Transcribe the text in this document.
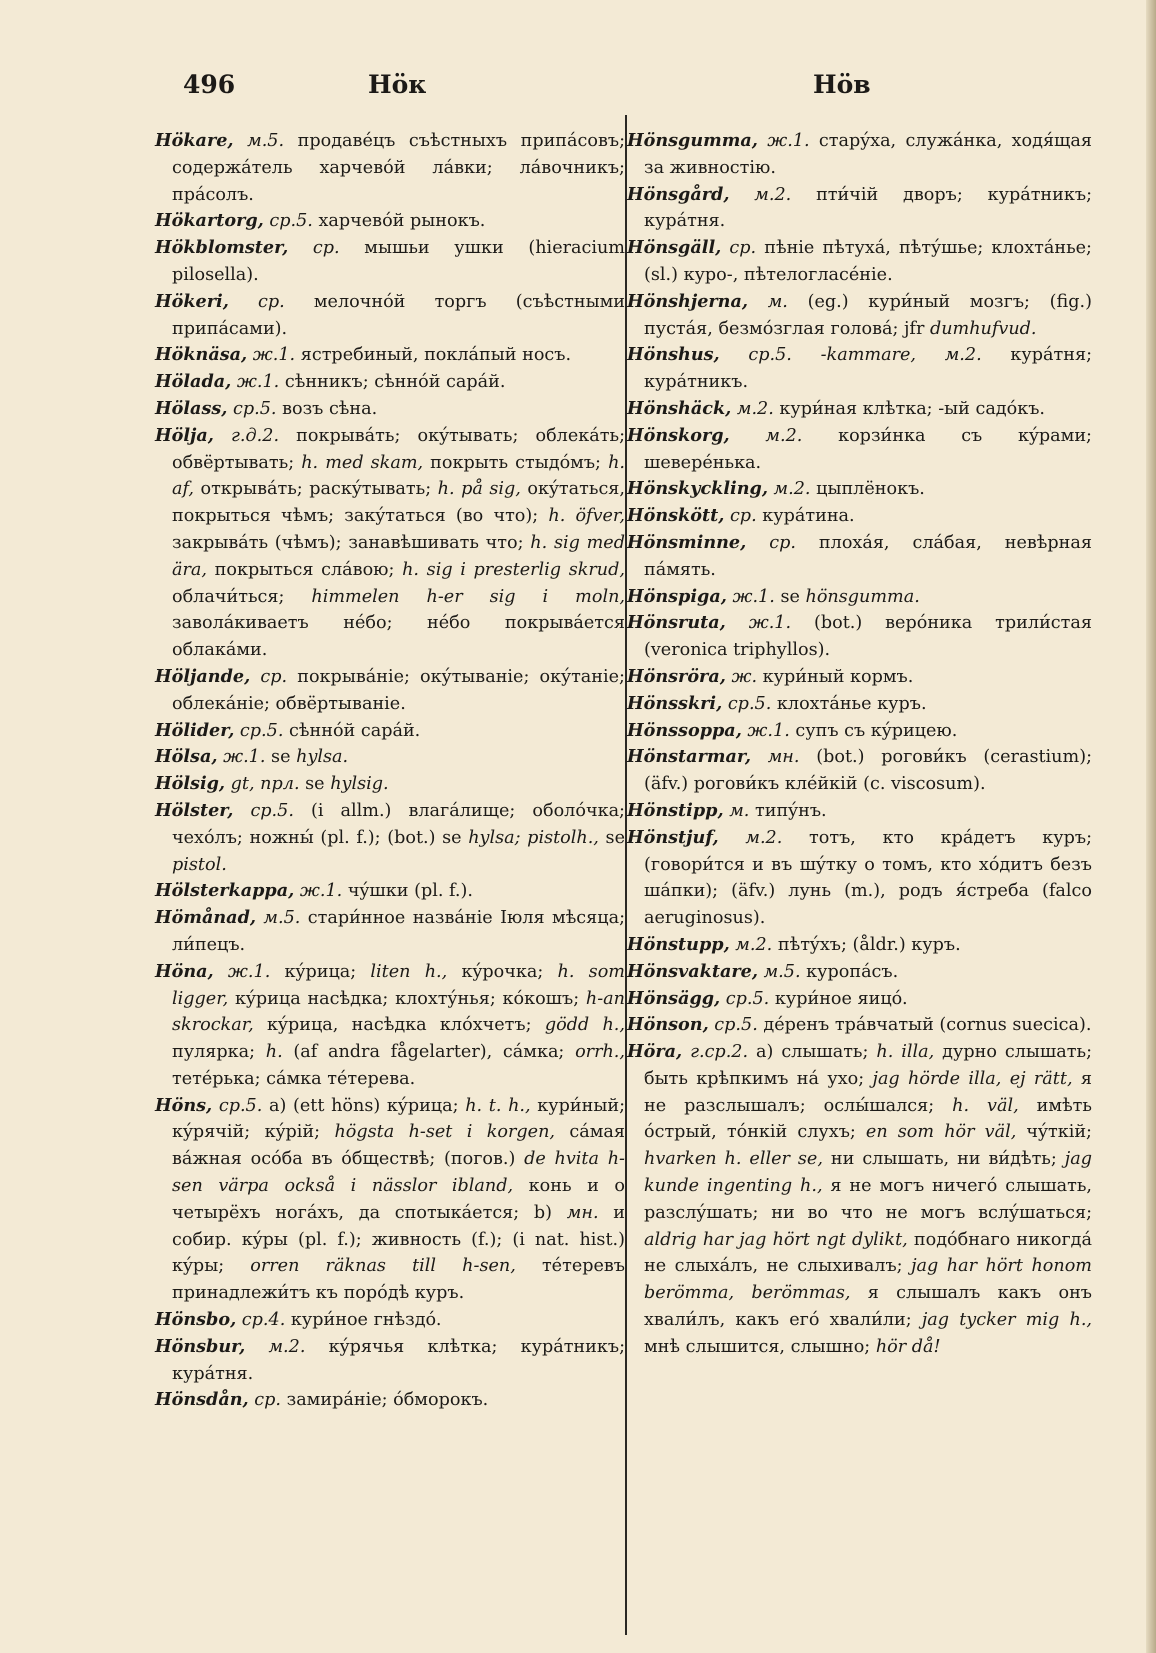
496	Нöк	Нöв
Hökare, м.5. продавéцъ съѣстныхъ припáсовъ; содержáтель харчевóй лáвки; лáвочникъ; прáсолъ.
Hökartorg, ср.5. харчевóй рынокъ.
Hökblomster, ср. мышьи ушки (hieracium pilosella).
Hökeri, ср. мелочнóй торгъ (съѣстными припáсами).
Höknäsa, ж.1. ястребиный, поклáпый носъ.
Hölada, ж.1. сѣнникъ; сѣннóй сарáй.
Hölass, ср.5. возъ сѣна.
Hölja, г.д.2. покрывáть; окýтывать; облекáть; обвёртывать; h. med skam, покрыть стыдóмъ; h. af, открывáть; раскýтывать; h. på sig, окýтаться, покрыться чѣмъ; закýтаться (во что); h. öfver, закрывáть (чѣмъ); занавѣшивать что; h. sig med ära, покрыться слáвою; h. sig i presterlig skrud, облачи́ться; himmelen h-er sig i moln, заволáкиваетъ нéбо; нéбо покрывáется облакáми.
Höljande, ср. покрывáніе; окýтываніе; окýтаніе; облекáніе; обвёртываніе.
Hölider, ср.5. сѣннóй сарáй.
Hölsa, ж.1. se hylsa.
Hölsig, gt, прл. se hylsig.
Hölster, ср.5. (i allm.) влагáлище; оболóчка; чехóлъ; ножны́ (pl. f.); (bot.) se hylsa; pistolh., se pistol.
Hölsterkappa, ж.1. чýшки (pl. f.).
Hömånad, м.5. стари́нное назвáніе Іюля мѣсяца; ли́пецъ.
Höna, ж.1. кýрица; liten h., кýрочка; h. som ligger, кýрица насѣдка; клохтýнья; кóкошъ; h-an skrockar, кýрица, насѣдка клóхчетъ; gödd h., пулярка; h. (af andra fågelarter), сáмка; orrh., тетéрька; сáмка тéтерева.
Höns, ср.5. a) (ett höns) кýрица; h. t. h., кури́ный; кýрячій; кýрій; högsta h-set i korgen, сáмая вáжная осóба въ óбществѣ; (погов.) de hvita h-sen värpa också i nässlor ibland, конь и о четырёхъ ногáхъ, да спотыкáется; b) мн. и собир. кýры (pl. f.); живность (f.); (i nat. hist.) кýры; orren räknas till h-sen, тéтеревъ принадлежи́тъ къ порóдѣ куръ.
Hönsbo, ср.4. кури́ное гнѣздó.
Hönsbur, м.2. кýрячья клѣтка; курáтникъ; курáтня.
Hönsdån, ср. замирáніе; óбморокъ.
Hönsgumma, ж.1. старýха, служáнка, ходя́щая за живностію.
Hönsgård, м.2. пти́чій дворъ; курáтникъ; курáтня.
Hönsgäll, ср. пѣніе пѣтухá, пѣтýшье; клохтáнье; (sl.) куро-, пѣтелогласéніе.
Hönshjerna, м. (eg.) кури́ный мозгъ; (fig.) пустáя, безмóзглая головá; jfr dumhufvud.
Hönshus, ср.5. -kammare, м.2. курáтня; курáтникъ.
Hönshäck, м.2. кури́ная клѣтка; -ый садóкъ.
Hönskorg, м.2. корзи́нка съ кýрами; шевере́нька.
Hönskyckling, м.2. цыплёнокъ.
Hönskött, ср. курáтина.
Hönsminne, ср. плохáя, слáбая, невѣрная пáмять.
Hönspiga, ж.1. se hönsgumma.
Hönsruta, ж.1. (bot.) верóника трили́стая (veronica triphyllos).
Hönsröra, ж. кури́ный кормъ.
Hönsskri, ср.5. клохтáнье куръ.
Hönssoppa, ж.1. супъ съ кýрицею.
Hönstarmar, мн. (bot.) рогови́къ (cerastium); (äfv.) рогови́къ клéйкій (c. viscosum).
Hönstipp, м. типýнъ.
Hönstjuf, м.2. тотъ, кто крáдетъ куръ; (говори́тся и въ шýтку о томъ, кто хóдитъ безъ шáпки); (äfv.) лунь (m.), родъ я́стреба (falco aeruginosus).
Hönstupp, м.2. пѣтýхъ; (åldr.) куръ.
Hönsvaktare, м.5. куропáсъ.
Hönsägg, ср.5. кури́ное яицó.
Hönson, ср.5. дéренъ трáвчатый (cornus suecica).
Höra, г.ср.2. a) слышать; h. illa, дурно слышать; быть крѣпкимъ нá ухо; jag hörde illa, ej rätt, я не разслышалъ; ослы́шался; h. väl, имѣть óстрый, тóнкій слухъ; en som hör väl, чýткій; hvarken h. eller se, ни слышать, ни ви́дѣть; jag kunde ingenting h., я не могъ ничегó слышать, разслýшать; ни во что не могъ вслýшаться; aldrig har jag hört ngt dylikt, подóбнаго никогдá не слыхáлъ, не слыхивалъ; jag har hört honom berömma, berömmas, я слышалъ какъ онъ хвали́лъ, какъ егó хвали́ли; jag tycker mig h., мнѣ слышится, слышно; hör då!
